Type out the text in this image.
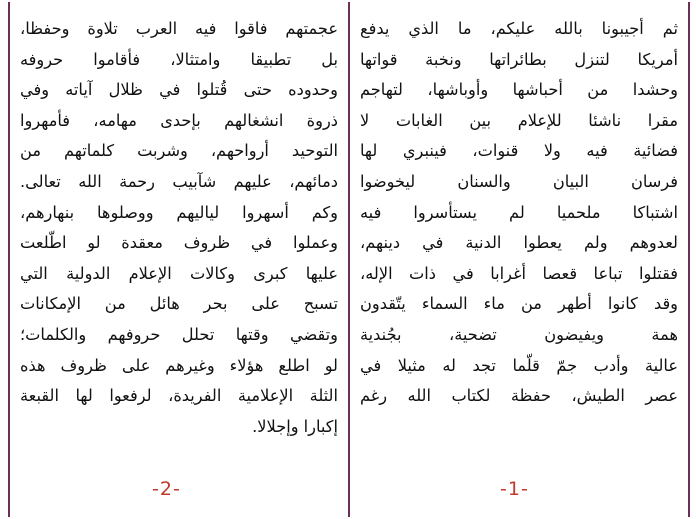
ثم أجيبونا بالله عليكم، ما الذي يدفع
أمريكا لتنزل بطائراتها ونخبة قواتها
وحشدا من أحباشها وأوباشها، لتهاجم
مقرا ناشئا للإعلام بين الغابات لا
فضائية فيه ولا قنوات، فينبري لها
فرسان البيان والسنان ليخوضوا
اشتباكا ملحميا لم يستأسروا فيه
لعدوهم ولم يعطوا الدنية في دينهم،
فقتلوا تباعا قعصا أغرابا في ذات الإله،
وقد كانوا أطهر من ماء السماء يتّقدون
همة ويفيضون تضحية، بجُندية
عالية وأدب جمّ قلّما تجد له مثيلا في
عصر الطيش، حفظة لكتاب الله رغم
-1-
عجمتهم فاقوا فيه العرب تلاوة وحفظا،
بل تطبيقا وامتثالا، فأقاموا حروفه
وحدوده حتى قُتلوا في ظلال آياته وفي
ذروة انشغالهم بإحدى مهامه، فأمهروا
التوحيد أرواحهم، وشربت كلماتهم من
دمائهم، عليهم شآبيب رحمة الله تعالى.
وكم أسهروا لياليهم ووصلوها بنهارهم،
وعملوا في ظروف معقدة لو اطّلعت
عليها كبرى وكالات الإعلام الدولية التي
تسبح على بحر هائل من الإمكانات
وتقضي وقتها تحلل حروفهم والكلمات؛
لو اطلع هؤلاء وغيرهم على ظروف هذه
الثلة الإعلامية الفريدة، لرفعوا لها القبعة
إكبارا وإجلالا.
-2-
